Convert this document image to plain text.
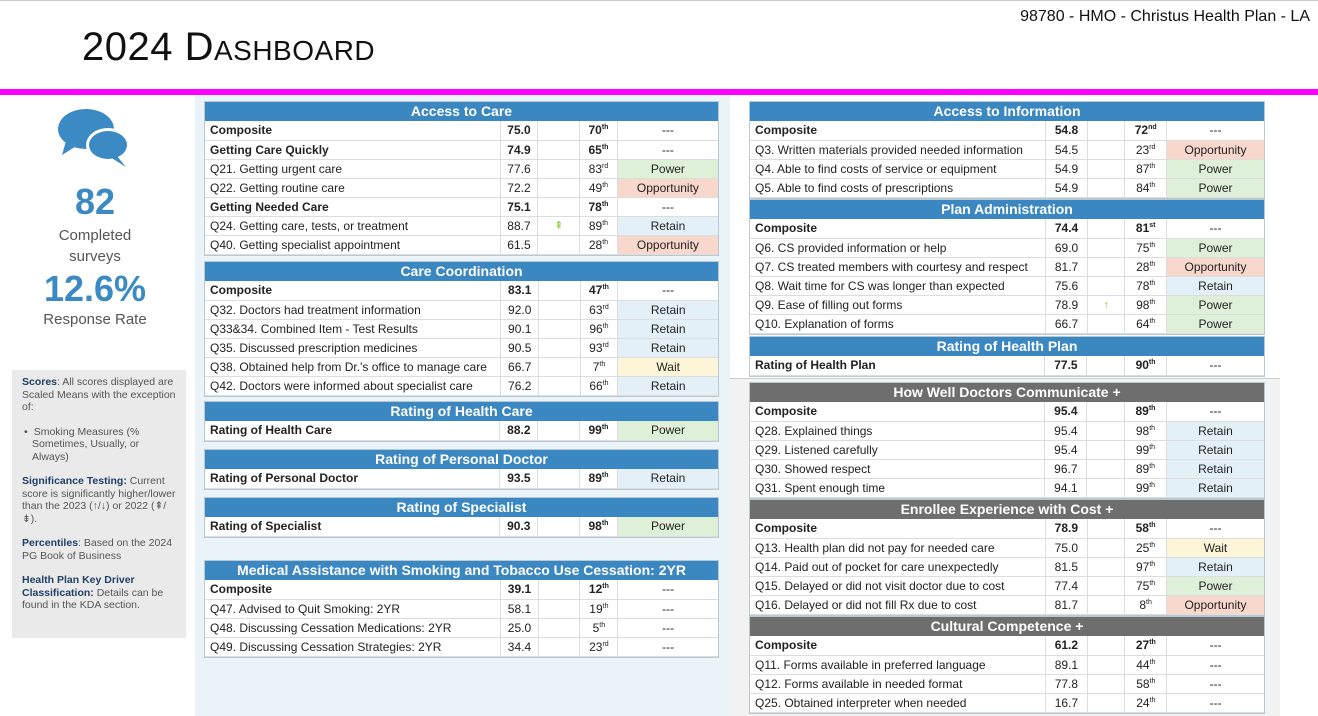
2024 Dashboard
98780 - HMO - Christus Health Plan - LA
82
Completed surveys
12.6%
Response Rate

Scores: All scores displayed are Scaled Means with the exception of:

• Smoking Measures (% Sometimes, Usually, or Always)

Significance Testing: Current score is significantly higher/lower than the 2023 (↑/↓) or 2022 (⇞/⇟).

Percentiles: Based on the 2024 PG Book of Business

Health Plan Key Driver Classification: Details can be found in the KDA section.

Access to Care
Composite	75.0		70th	---
Getting Care Quickly	74.9		65th	---
Q21. Getting urgent care	77.6		83rd	Power
Q22. Getting routine care	72.2		49th	Opportunity
Getting Needed Care	75.1		78th	---
Q24. Getting care, tests, or treatment	88.7	⇞	89th	Retain
Q40. Getting specialist appointment	61.5		28th	Opportunity
Care Coordination
Composite	83.1		47th	---
Q32. Doctors had treatment information	92.0		63rd	Retain
Q33&34. Combined Item - Test Results	90.1		96th	Retain
Q35. Discussed prescription medicines	90.5		93rd	Retain
Q38. Obtained help from Dr.'s office to manage care	66.7		7th	Wait
Q42. Doctors were informed about specialist care	76.2		66th	Retain
Rating of Health Care
Rating of Health Care	88.2		99th	Power
Rating of Personal Doctor
Rating of Personal Doctor	93.5		89th	Retain
Rating of Specialist
Rating of Specialist	90.3		98th	Power
Medical Assistance with Smoking and Tobacco Use Cessation: 2YR
Composite	39.1		12th	---
Q47. Advised to Quit Smoking: 2YR	58.1		19th	---
Q48. Discussing Cessation Medications: 2YR	25.0		5th	---
Q49. Discussing Cessation Strategies: 2YR	34.4		23rd	---
Access to Information
Composite	54.8		72nd	---
Q3. Written materials provided needed information	54.5		23rd	Opportunity
Q4. Able to find costs of service or equipment	54.9		87th	Power
Q5. Able to find costs of prescriptions	54.9		84th	Power
Plan Administration
Composite	74.4		81st	---
Q6. CS provided information or help	69.0		75th	Power
Q7. CS treated members with courtesy and respect	81.7		28th	Opportunity
Q8. Wait time for CS was longer than expected	75.6		78th	Retain
Q9. Ease of filling out forms	78.9	↑	98th	Power
Q10. Explanation of forms	66.7		64th	Power
Rating of Health Plan
Rating of Health Plan	77.5		90th	---
How Well Doctors Communicate +
Composite	95.4		89th	---
Q28. Explained things	95.4		98th	Retain
Q29. Listened carefully	95.4		99th	Retain
Q30. Showed respect	96.7		89th	Retain
Q31. Spent enough time	94.1		99th	Retain
Enrollee Experience with Cost +
Composite	78.9		58th	---
Q13. Health plan did not pay for needed care	75.0		25th	Wait
Q14. Paid out of pocket for care unexpectedly	81.5		97th	Retain
Q15. Delayed or did not visit doctor due to cost	77.4		75th	Power
Q16. Delayed or did not fill Rx due to cost	81.7		8th	Opportunity
Cultural Competence +
Composite	61.2		27th	---
Q11. Forms available in preferred language	89.1		44th	---
Q12. Forms available in needed format	77.8		58th	---
Q25. Obtained interpreter when needed	16.7		24th	---
